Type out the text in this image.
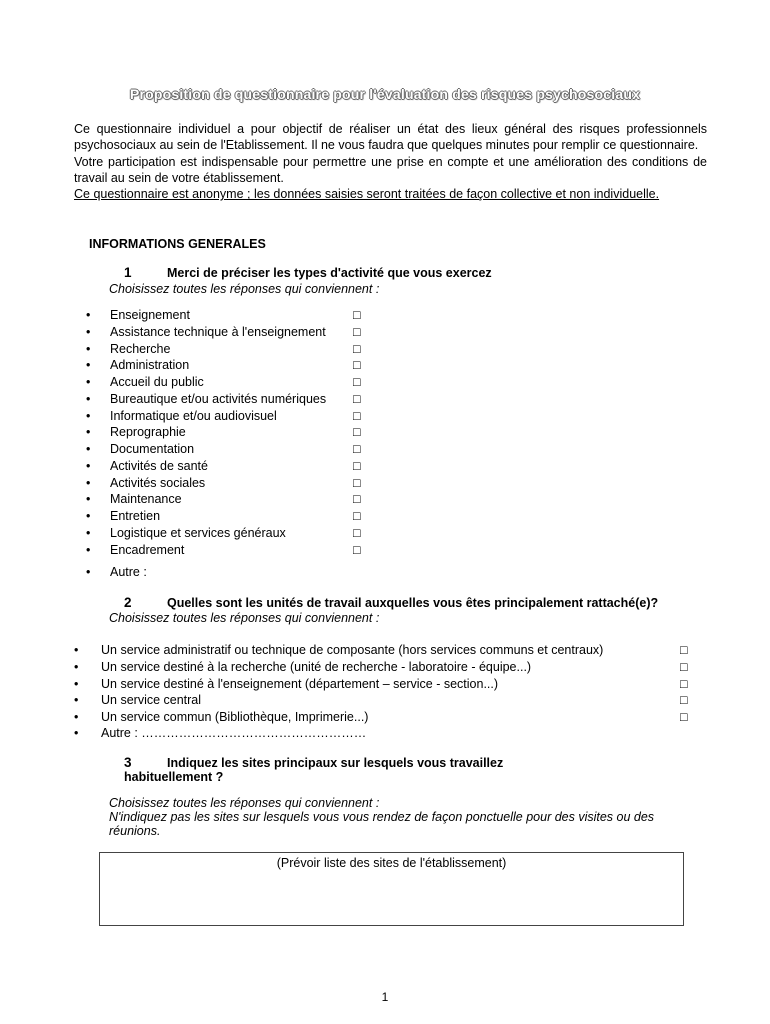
Proposition de questionnaire pour l'évaluation des risques psychosociaux

Ce questionnaire individuel a pour objectif de réaliser un état des lieux général des risques professionnels psychosociaux au sein de l'Etablissement. Il ne vous faudra que quelques minutes pour remplir ce questionnaire.

Votre participation est indispensable pour permettre une prise en compte et une amélioration des conditions de travail au sein de votre établissement.

Ce questionnaire est anonyme ; les données saisies seront traitées de façon collective et non individuelle.

INFORMATIONS GENERALES
1	Merci de préciser les types d'activité que vous exercez
Choisissez toutes les réponses qui conviennent :
• Enseignement	□
• Assistance technique à l'enseignement □
• Recherche	□
• Administration	□
• Accueil du public	□
• Bureautique et/ou activités numériques □
• Informatique et/ou audiovisuel	□
• Reprographie	□
• Documentation	□
• Activités de santé	□
• Activités sociales	□
• Maintenance	□
• Entretien	□
• Logistique et services généraux	□
• Encadrement	□
• Autre :
2	Quelles sont les unités de travail auxquelles vous êtes principalement rattaché(e)?
Choisissez toutes les réponses qui conviennent :
• Un service administratif ou technique de composante (hors services communs et centraux)	□
• Un service destiné à la recherche (unité de recherche - laboratoire - équipe...)	□
• Un service destiné à l'enseignement (département – service - section...)	□
• Un service central	□
• Un service commun (Bibliothèque, Imprimerie...)	□
• Autre : ………………………………………………
3	Indiquez les sites principaux sur lesquels vous travaillez
habituellement ?
Choisissez toutes les réponses qui conviennent :
N'indiquez pas les sites sur lesquels vous vous rendez de façon ponctuelle pour des visites ou des réunions.
(Prévoir liste des sites de l'établissement)
1
